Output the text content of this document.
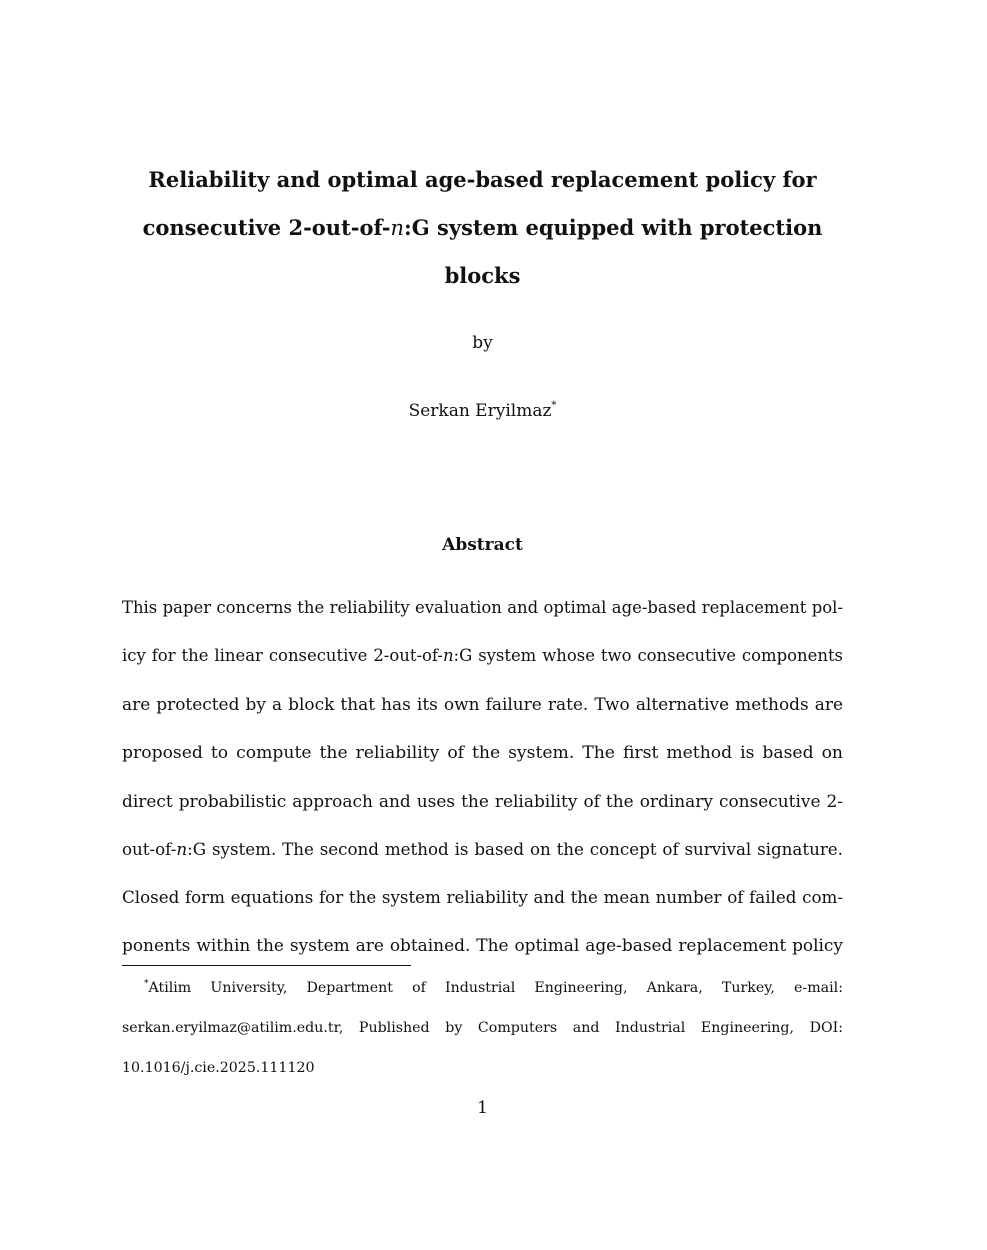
Reliability and optimal age-based replacement policy for
consecutive 2-out-of-n:G system equipped with protection
blocks
by
Serkan Eryilmaz*
Abstract
This paper concerns the reliability evaluation and optimal age-based replacement pol-
icy for the linear consecutive 2-out-of-n:G system whose two consecutive components
are protected by a block that has its own failure rate. Two alternative methods are
proposed to compute the reliability of the system. The first method is based on
direct probabilistic approach and uses the reliability of the ordinary consecutive 2-
out-of-n:G system. The second method is based on the concept of survival signature.
Closed form equations for the system reliability and the mean number of failed com-
ponents within the system are obtained. The optimal age-based replacement policy
*Atilim University, Department of Industrial Engineering, Ankara, Turkey, e-mail:
serkan.eryilmaz@atilim.edu.tr, Published by Computers and Industrial Engineering, DOI:
10.1016/j.cie.2025.111120
1
